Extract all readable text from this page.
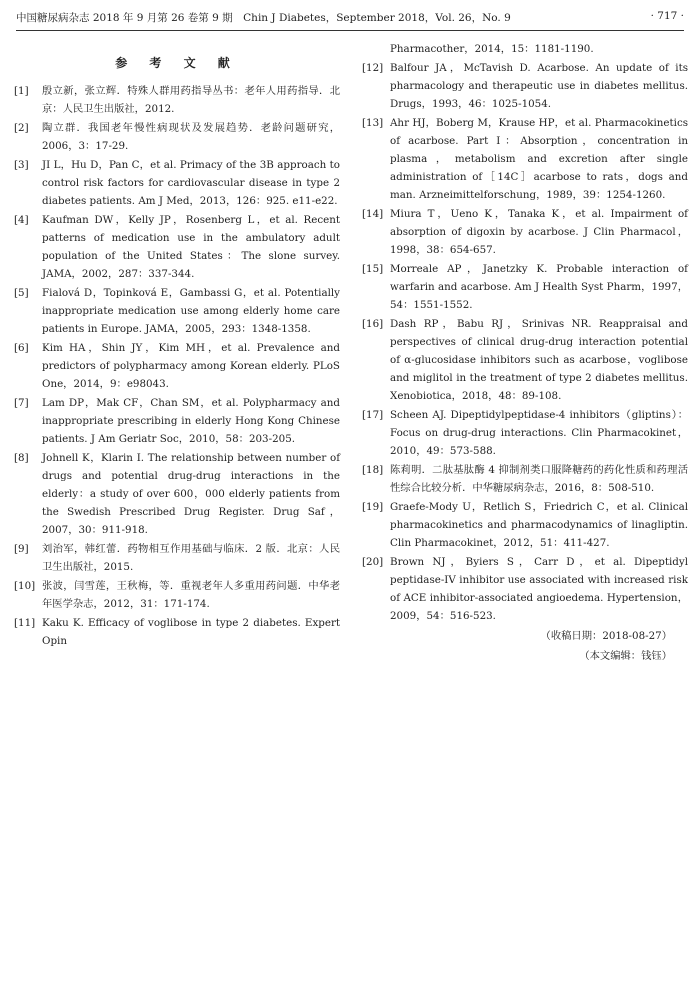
中国糖尿病杂志 2018 年 9 月第 26 卷第 9 期　Chin J Diabetes，September 2018，Vol. 26，No. 9	· 717 ·
参 考 文 献
[1]	殷立新，张立辉．特殊人群用药指导丛书：老年人用药指导．北京：人民卫生出版社，2012.
[2]	陶立群．我国老年慢性病现状及发展趋势．老龄问题研究，2006，3：17-29.
[3]	JI L，Hu D，Pan C，et al. Primacy of the 3B approach to control risk factors for cardiovascular disease in type 2 diabetes patients. Am J Med，2013，126：925. e11-e22.
[4]	Kaufman DW，Kelly JP，Rosenberg L，et al. Recent patterns of medication use in the ambulatory adult population of the United States：The slone survey. JAMA，2002，287：337-344.
[5]	Fialová D，Topinková E，Gambassi G，et al. Potentially inappropriate medication use among elderly home care patients in Europe. JAMA，2005，293：1348-1358.
[6]	Kim HA，Shin JY，Kim MH，et al. Prevalence and predictors of polypharmacy among Korean elderly. PLoS One，2014，9：e98043.
[7]	Lam DP，Mak CF，Chan SM，et al. Polypharmacy and inappropriate prescribing in elderly Hong Kong Chinese patients. J Am Geriatr Soc，2010，58：203-205.
[8]	Johnell K，Klarin I. The relationship between number of drugs and potential drug-drug interactions in the elderly：a study of over 600，000 elderly patients from the Swedish Prescribed Drug Register. Drug Saf，2007，30：911-918.
[9]	刘治军，韩红蕾．药物相互作用基础与临床．2 版．北京：人民卫生出版社，2015.
[10] 张波，闫雪莲，王秋梅，等．重视老年人多重用药问题．中华老年医学杂志，2012，31：171-174.
[11] Kaku K. Efficacy of voglibose in type 2 diabetes. Expert Opin
Pharmacother，2014，15：1181-1190.
[12] Balfour JA，McTavish D. Acarbose. An update of its pharmacology and therapeutic use in diabetes mellitus. Drugs，1993，46：1025-1054.
[13] Ahr HJ，Boberg M，Krause HP，et al. Pharmacokinetics of acarbose. Part I：Absorption，concentration in plasma，metabolism and excretion after single administration of［14C］acarbose to rats，dogs and man. Arzneimittelforschung，1989，39：1254-1260.
[14] Miura T，Ueno K，Tanaka K，et al. Impairment of absorption of digoxin by acarbose. J Clin Pharmacol，1998，38：654-657.
[15] Morreale AP，Janetzky K. Probable interaction of warfarin and acarbose. Am J Health Syst Pharm，1997，54：1551-1552.
[16] Dash RP，Babu RJ，Srinivas NR. Reappraisal and perspectives of clinical drug-drug interaction potential of α-glucosidase inhibitors such as acarbose，voglibose and miglitol in the treatment of type 2 diabetes mellitus. Xenobiotica，2018，48：89-108.
[17] Scheen AJ. Dipeptidylpeptidase-4 inhibitors（gliptins）：Focus on drug-drug interactions. Clin Pharmacokinet，2010，49：573-588.
[18] 陈莉明．二肽基肽酶 4 抑制剂类口服降糖药的药化性质和药理活性综合比较分析．中华糖尿病杂志，2016，8：508-510.
[19] Graefe-Mody U，Retlich S，Friedrich C，et al. Clinical pharmacokinetics and pharmacodynamics of linagliptin. Clin Pharmacokinet，2012，51：411-427.
[20] Brown NJ，Byiers S，Carr D，et al. Dipeptidyl peptidase-IV inhibitor use associated with increased risk of ACE inhibitor-associated angioedema. Hypertension，2009，54：516-523.
（收稿日期：2018-08-27）
（本文编辑：钱钰）
